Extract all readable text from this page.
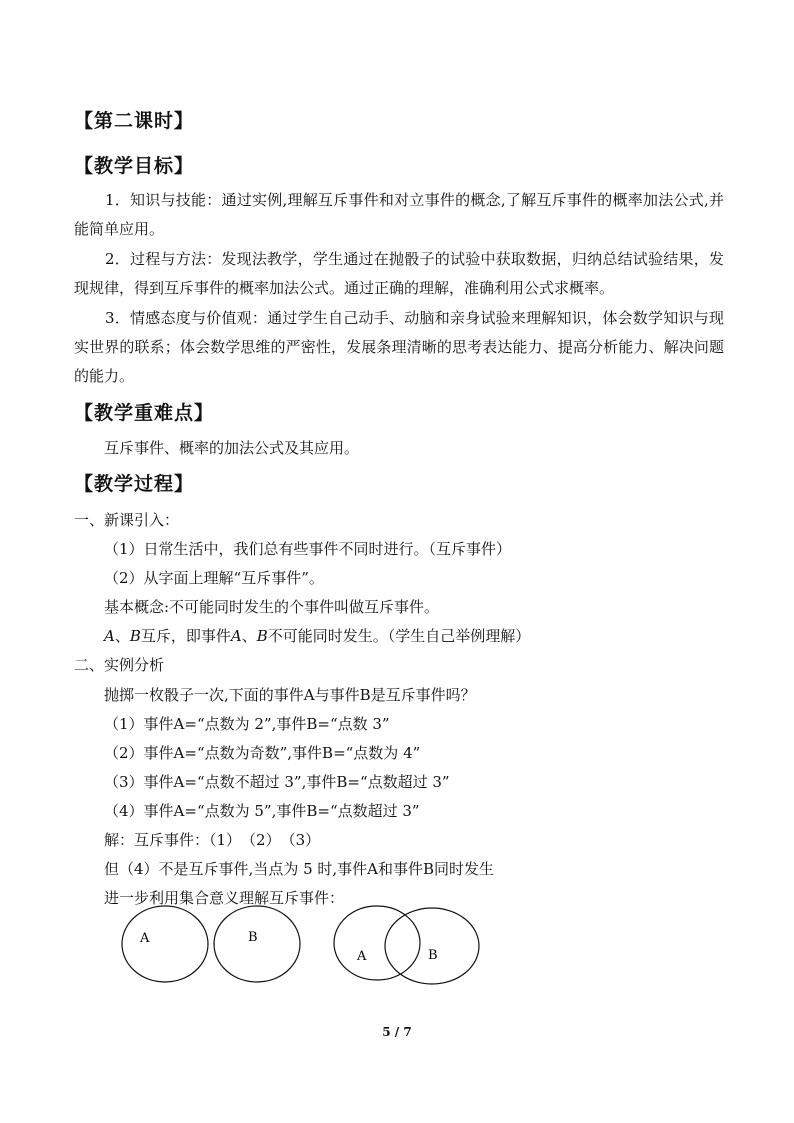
【第二课时】
【教学目标】
1．知识与技能：通过实例,理解互斥事件和对立事件的概念,了解互斥事件的概率加法公式,并能简单应用。
2．过程与方法：发现法教学，学生通过在抛骰子的试验中获取数据，归纳总结试验结果，发现规律，得到互斥事件的概率加法公式。通过正确的理解，准确利用公式求概率。
3．情感态度与价值观：通过学生自己动手、动脑和亲身试验来理解知识，体会数学知识与现实世界的联系；体会数学思维的严密性，发展条理清晰的思考表达能力、提高分析能力、解决问题的能力。
【教学重难点】
互斥事件、概率的加法公式及其应用。
【教学过程】
一、新课引入：
（1）日常生活中，我们总有些事件不同时进行。（互斥事件）
（2）从字面上理解“互斥事件”。
基本概念:不可能同时发生的个事件叫做互斥事件。
A、B互斥，即事件A、B不可能同时发生。（学生自己举例理解）
二、实例分析
抛掷一枚骰子一次,下面的事件A与事件B是互斥事件吗？
（1）事件A=“点数为 2”,事件B=“点数 3”
（2）事件A=“点数为奇数”,事件B=“点数为 4”
（3）事件A=“点数不超过 3”,事件B=“点数超过 3”
（4）事件A=“点数为 5”,事件B=“点数超过 3”
解：互斥事件：（1）　（2）　（3）
但（4）不是互斥事件,当点为 5 时,事件A和事件B同时发生
进一步利用集合意义理解互斥事件：
A	B
A	B
5 / 7
